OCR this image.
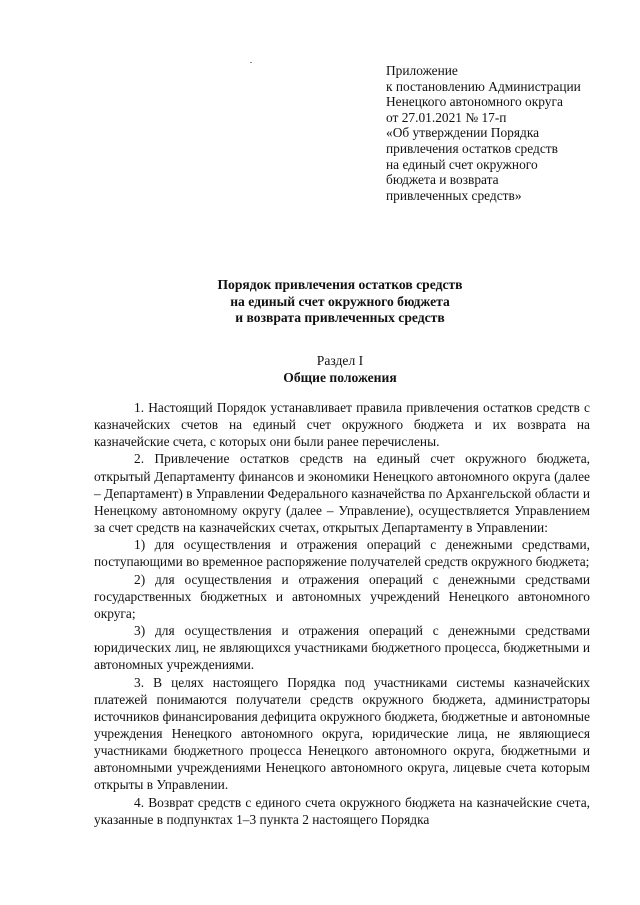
Приложение
к постановлению Администрации
Ненецкого автономного округа
от 27.01.2021 № 17-п
«Об утверждении Порядка
привлечения остатков средств
на единый счет окружного
бюджета и возврата
привлеченных средств»
Порядок привлечения остатков средств
на единый счет окружного бюджета
и возврата привлеченных средств
Раздел I
Общие положения

1. Настоящий Порядок устанавливает правила привлечения остатков средств с казначейских счетов на единый счет окружного бюджета и их возврата на казначейские счета, с которых они были ранее перечислены.

2. Привлечение остатков средств на единый счет окружного бюджета, открытый Департаменту финансов и экономики Ненецкого автономного округа (далее – Департамент) в Управлении Федерального казначейства по Архангельской области и Ненецкому автономному округу (далее – Управление), осуществляется Управлением за счет средств на казначейских счетах, открытых Департаменту в Управлении:

1) для осуществления и отражения операций с денежными средствами, поступающими во временное распоряжение получателей средств окружного бюджета;

2) для осуществления и отражения операций с денежными средствами государственных бюджетных и автономных учреждений Ненецкого автономного округа;

3) для осуществления и отражения операций с денежными средствами юридических лиц, не являющихся участниками бюджетного процесса, бюджетными и автономных учреждениями.

3. В целях настоящего Порядка под участниками системы казначейских платежей понимаются получатели средств окружного бюджета, администраторы источников финансирования дефицита окружного бюджета, бюджетные и автономные учреждения Ненецкого автономного округа, юридические лица, не являющиеся участниками бюджетного процесса Ненецкого автономного округа, бюджетными и автономными учреждениями Ненецкого автономного округа, лицевые счета которым открыты в Управлении.

4. Возврат средств с единого счета окружного бюджета на казначейские счета, указанные в подпунктах 1–3 пункта 2 настоящего Порядка
